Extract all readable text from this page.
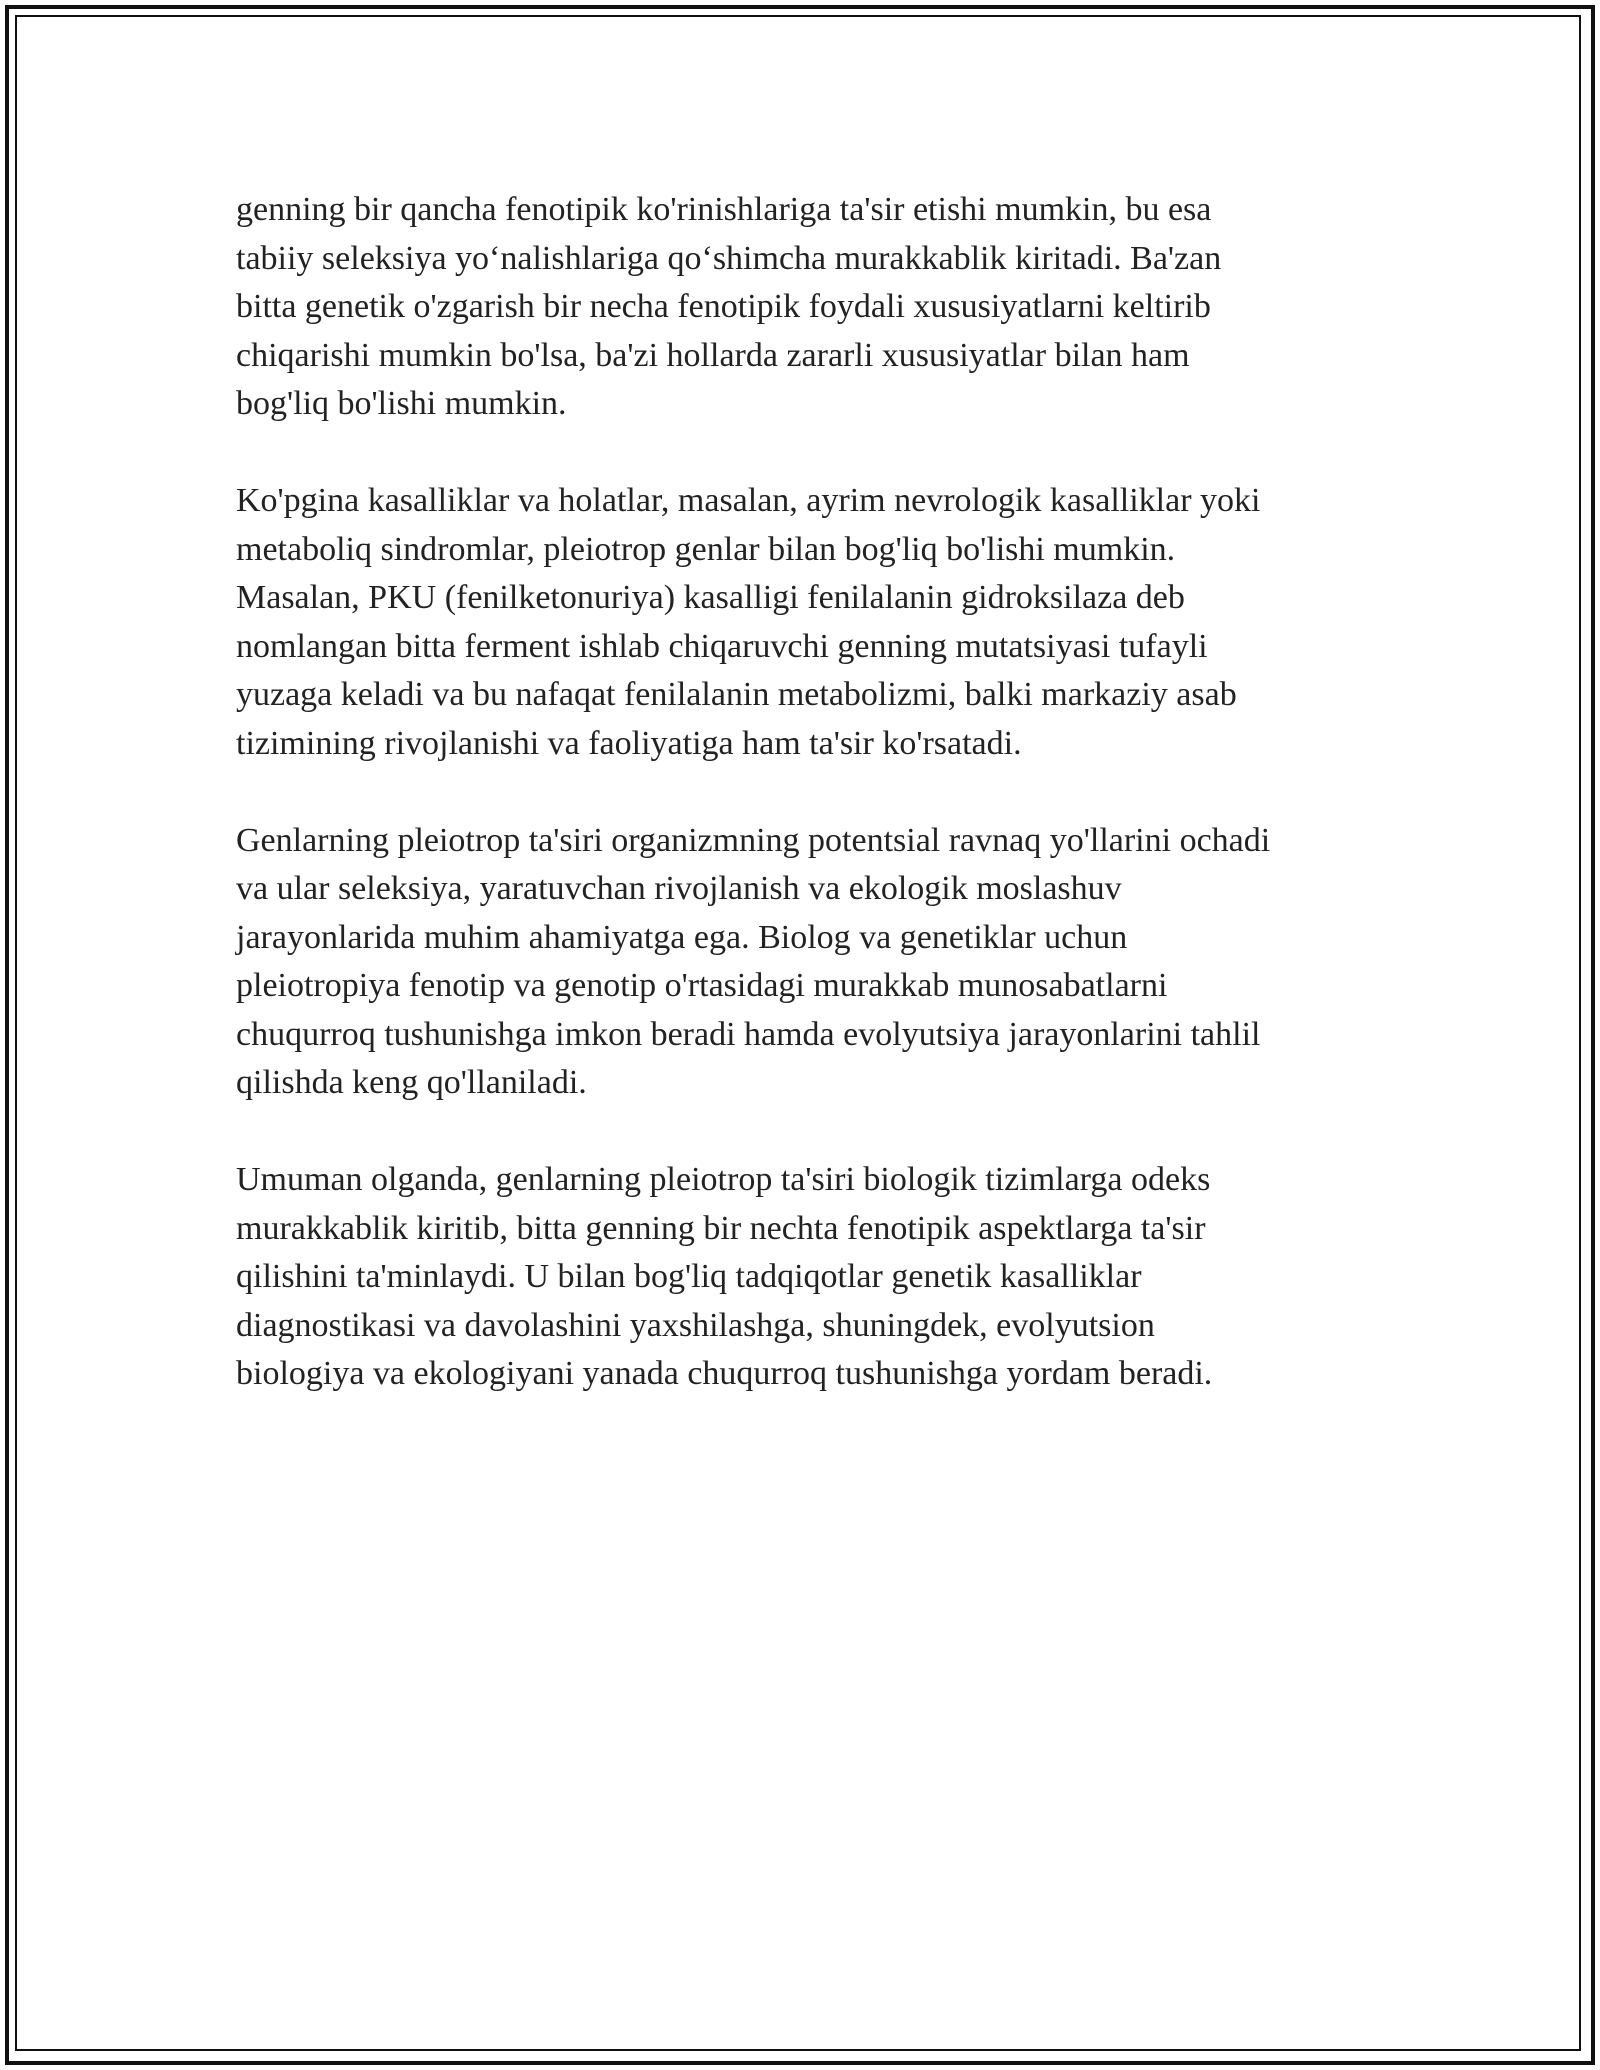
genning bir qancha fenotipik ko'rinishlariga ta'sir etishi mumkin, bu esa
tabiiy seleksiya yo‘nalishlariga qo‘shimcha murakkablik kiritadi. Ba'zan
bitta genetik o'zgarish bir necha fenotipik foydali xususiyatlarni keltirib
chiqarishi mumkin bo'lsa, ba'zi hollarda zararli xususiyatlar bilan ham
bog'liq bo'lishi mumkin.

Ko'pgina kasalliklar va holatlar, masalan, ayrim nevrologik kasalliklar yoki
metaboliq sindromlar, pleiotrop genlar bilan bog'liq bo'lishi mumkin.
Masalan, PKU (fenilketonuriya) kasalligi fenilalanin gidroksilaza deb
nomlangan bitta ferment ishlab chiqaruvchi genning mutatsiyasi tufayli
yuzaga keladi va bu nafaqat fenilalanin metabolizmi, balki markaziy asab
tizimining rivojlanishi va faoliyatiga ham ta'sir ko'rsatadi.

Genlarning pleiotrop ta'siri organizmning potentsial ravnaq yo'llarini ochadi
va ular seleksiya, yaratuvchan rivojlanish va ekologik moslashuv
jarayonlarida muhim ahamiyatga ega. Biolog va genetiklar uchun
pleiotropiya fenotip va genotip o'rtasidagi murakkab munosabatlarni
chuqurroq tushunishga imkon beradi hamda evolyutsiya jarayonlarini tahlil
qilishda keng qo'llaniladi.

Umuman olganda, genlarning pleiotrop ta'siri biologik tizimlarga odeks
murakkablik kiritib, bitta genning bir nechta fenotipik aspektlarga ta'sir
qilishini ta'minlaydi. U bilan bog'liq tadqiqotlar genetik kasalliklar
diagnostikasi va davolashini yaxshilashga, shuningdek, evolyutsion
biologiya va ekologiyani yanada chuqurroq tushunishga yordam beradi.
